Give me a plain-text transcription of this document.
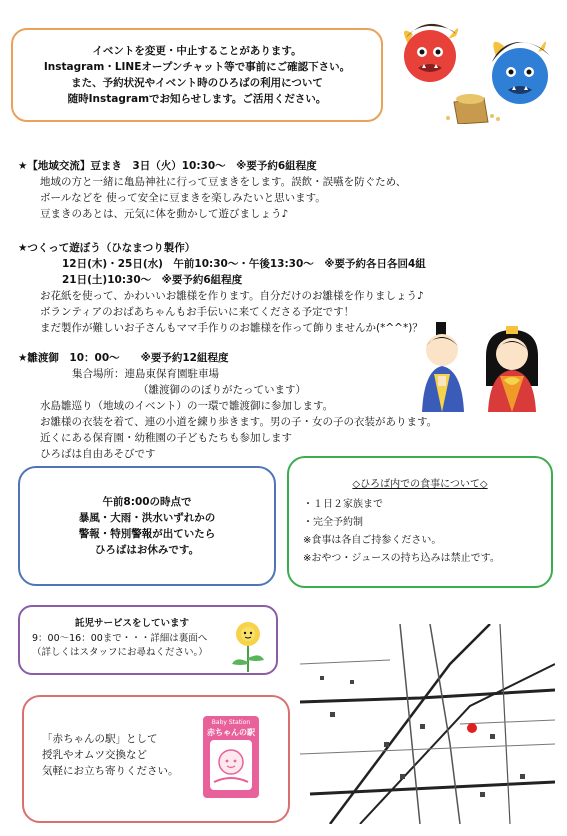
イベントを変更・中止することがあります。
Instagram・LINEオープンチャット等で事前にご確認下さい。
また、予約状況やイベント時のひろばの利用について
随時Instagramでお知らせします。ご活用ください。
★【地域交流】豆まき　3日（火）10:30～　※要予約6組程度
地域の方と一緒に亀島神社に行って豆まきをします。誤飲・誤嚥を防ぐため、
ボールなどを 使って安全に豆まきを楽しみたいと思います。
豆まきのあとは、元気に体を動かして遊びましょう♪
★つくって遊ぼう（ひなまつり製作）
12日(木)・25日(水)　午前10:30～・午後13:30～　※要予約各日各回4組
21日(土)10:30～　※要予約6組程度
お花紙を使って、かわいいお雛様を作ります。自分だけのお雛様を作りましょう♪
ボランティアのおばあちゃんもお手伝いに来てくださる予定です！
まだ製作が難しいお子さんもママ手作りのお雛様を作って飾りませんか(*^^*)？
★雛渡御　10：00～　　※要予約12組程度
集合場所：連島東保育園駐車場
（雛渡御ののぼりがたっています）
水島雛巡り（地域のイベント）の一環で雛渡御に参加します。
お雛様の衣装を着て、連の小道を練り歩きます。男の子・女の子の衣装があります。
近くにある保育園・幼稚園の子どもたちも参加します
ひろばは自由あそびです
午前8:00の時点で
暴風・大雨・洪水いずれかの
警報・特別警報が出ていたら
ひろばはお休みです。
◇ひろば内での食事について◇
・１日２家族まで
・完全予約制
※食事は各自ご持参ください。
※おやつ・ジュースの持ち込みは禁止です。
託児サービスをしています
9：00～16：00まで・・・詳細は裏面へ
（詳しくはスタッフにお尋ねください。）
「赤ちゃんの駅」として
授乳やオムツ交換など
気軽にお立ち寄りください。
Baby Station
赤ちゃんの駅
